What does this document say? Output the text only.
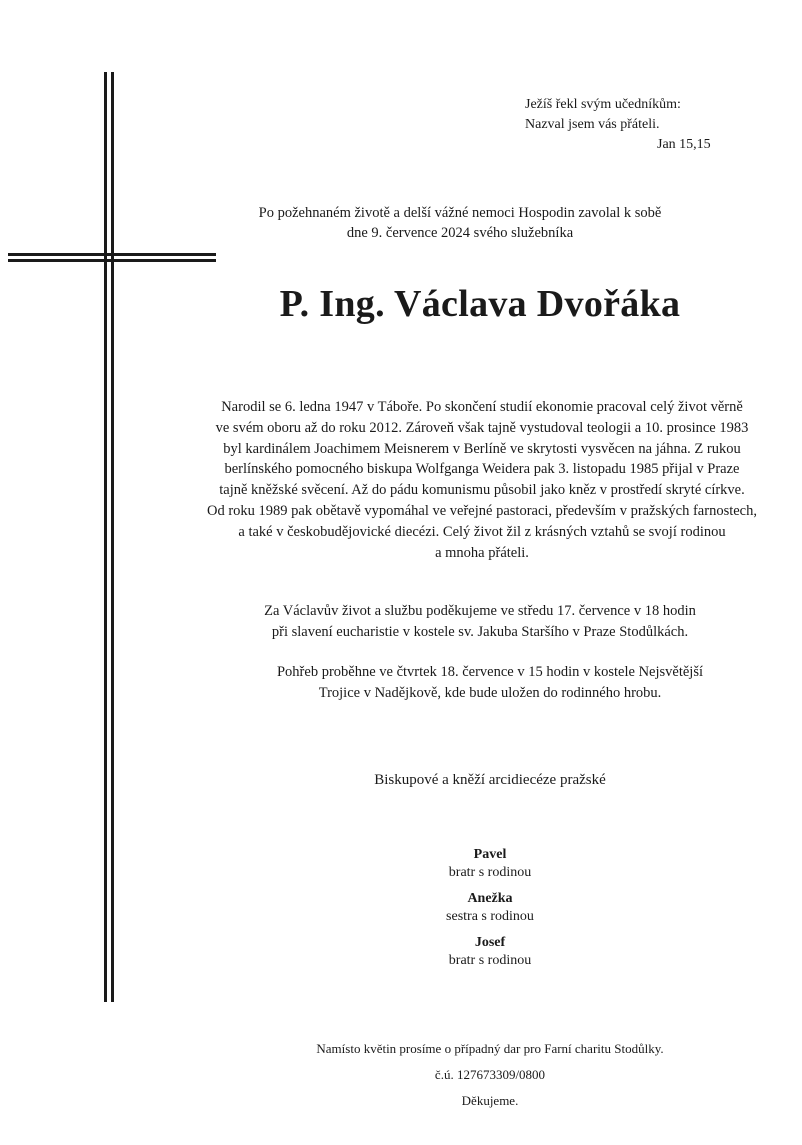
Ježíš řekl svým učedníkům:
Nazval jsem vás přáteli.
Jan 15,15
Po požehnaném životě a delší vážné nemoci Hospodin zavolal k sobě
dne 9. července 2024 svého služebníka
P. Ing. Václava Dvořáka
Narodil se 6. ledna 1947 v Táboře. Po skončení studií ekonomie pracoval celý život věrně
ve svém oboru až do roku 2012. Zároveň však tajně vystudoval teologii a 10. prosince 1983
byl kardinálem Joachimem Meisnerem v Berlíně ve skrytosti vysvěcen na jáhna. Z rukou
berlínského pomocného biskupa Wolfganga Weidera pak 3. listopadu 1985 přijal v Praze
tajně kněžské svěcení. Až do pádu komunismu působil jako kněz v prostředí skryté církve.
Od roku 1989 pak obětavě vypomáhal ve veřejné pastoraci, především v pražských farnostech,
a také v českobudějovické diecézi. Celý život žil z krásných vztahů se svojí rodinou
a mnoha přáteli.
Za Václavův život a službu poděkujeme ve středu 17. července v 18 hodin
při slavení eucharistie v kostele sv. Jakuba Staršího v Praze Stodůlkách.
Pohřeb proběhne ve čtvrtek 18. července v 15 hodin v kostele Nejsvětější
Trojice v Nadějkově, kde bude uložen do rodinného hrobu.
Biskupové a kněží arcidiecéze pražské
Pavel
bratr s rodinou
Anežka
sestra s rodinou
Josef
bratr s rodinou
Namísto květin prosíme o případný dar pro Farní charitu Stodůlky.
č.ú. 127673309/0800
Děkujeme.
